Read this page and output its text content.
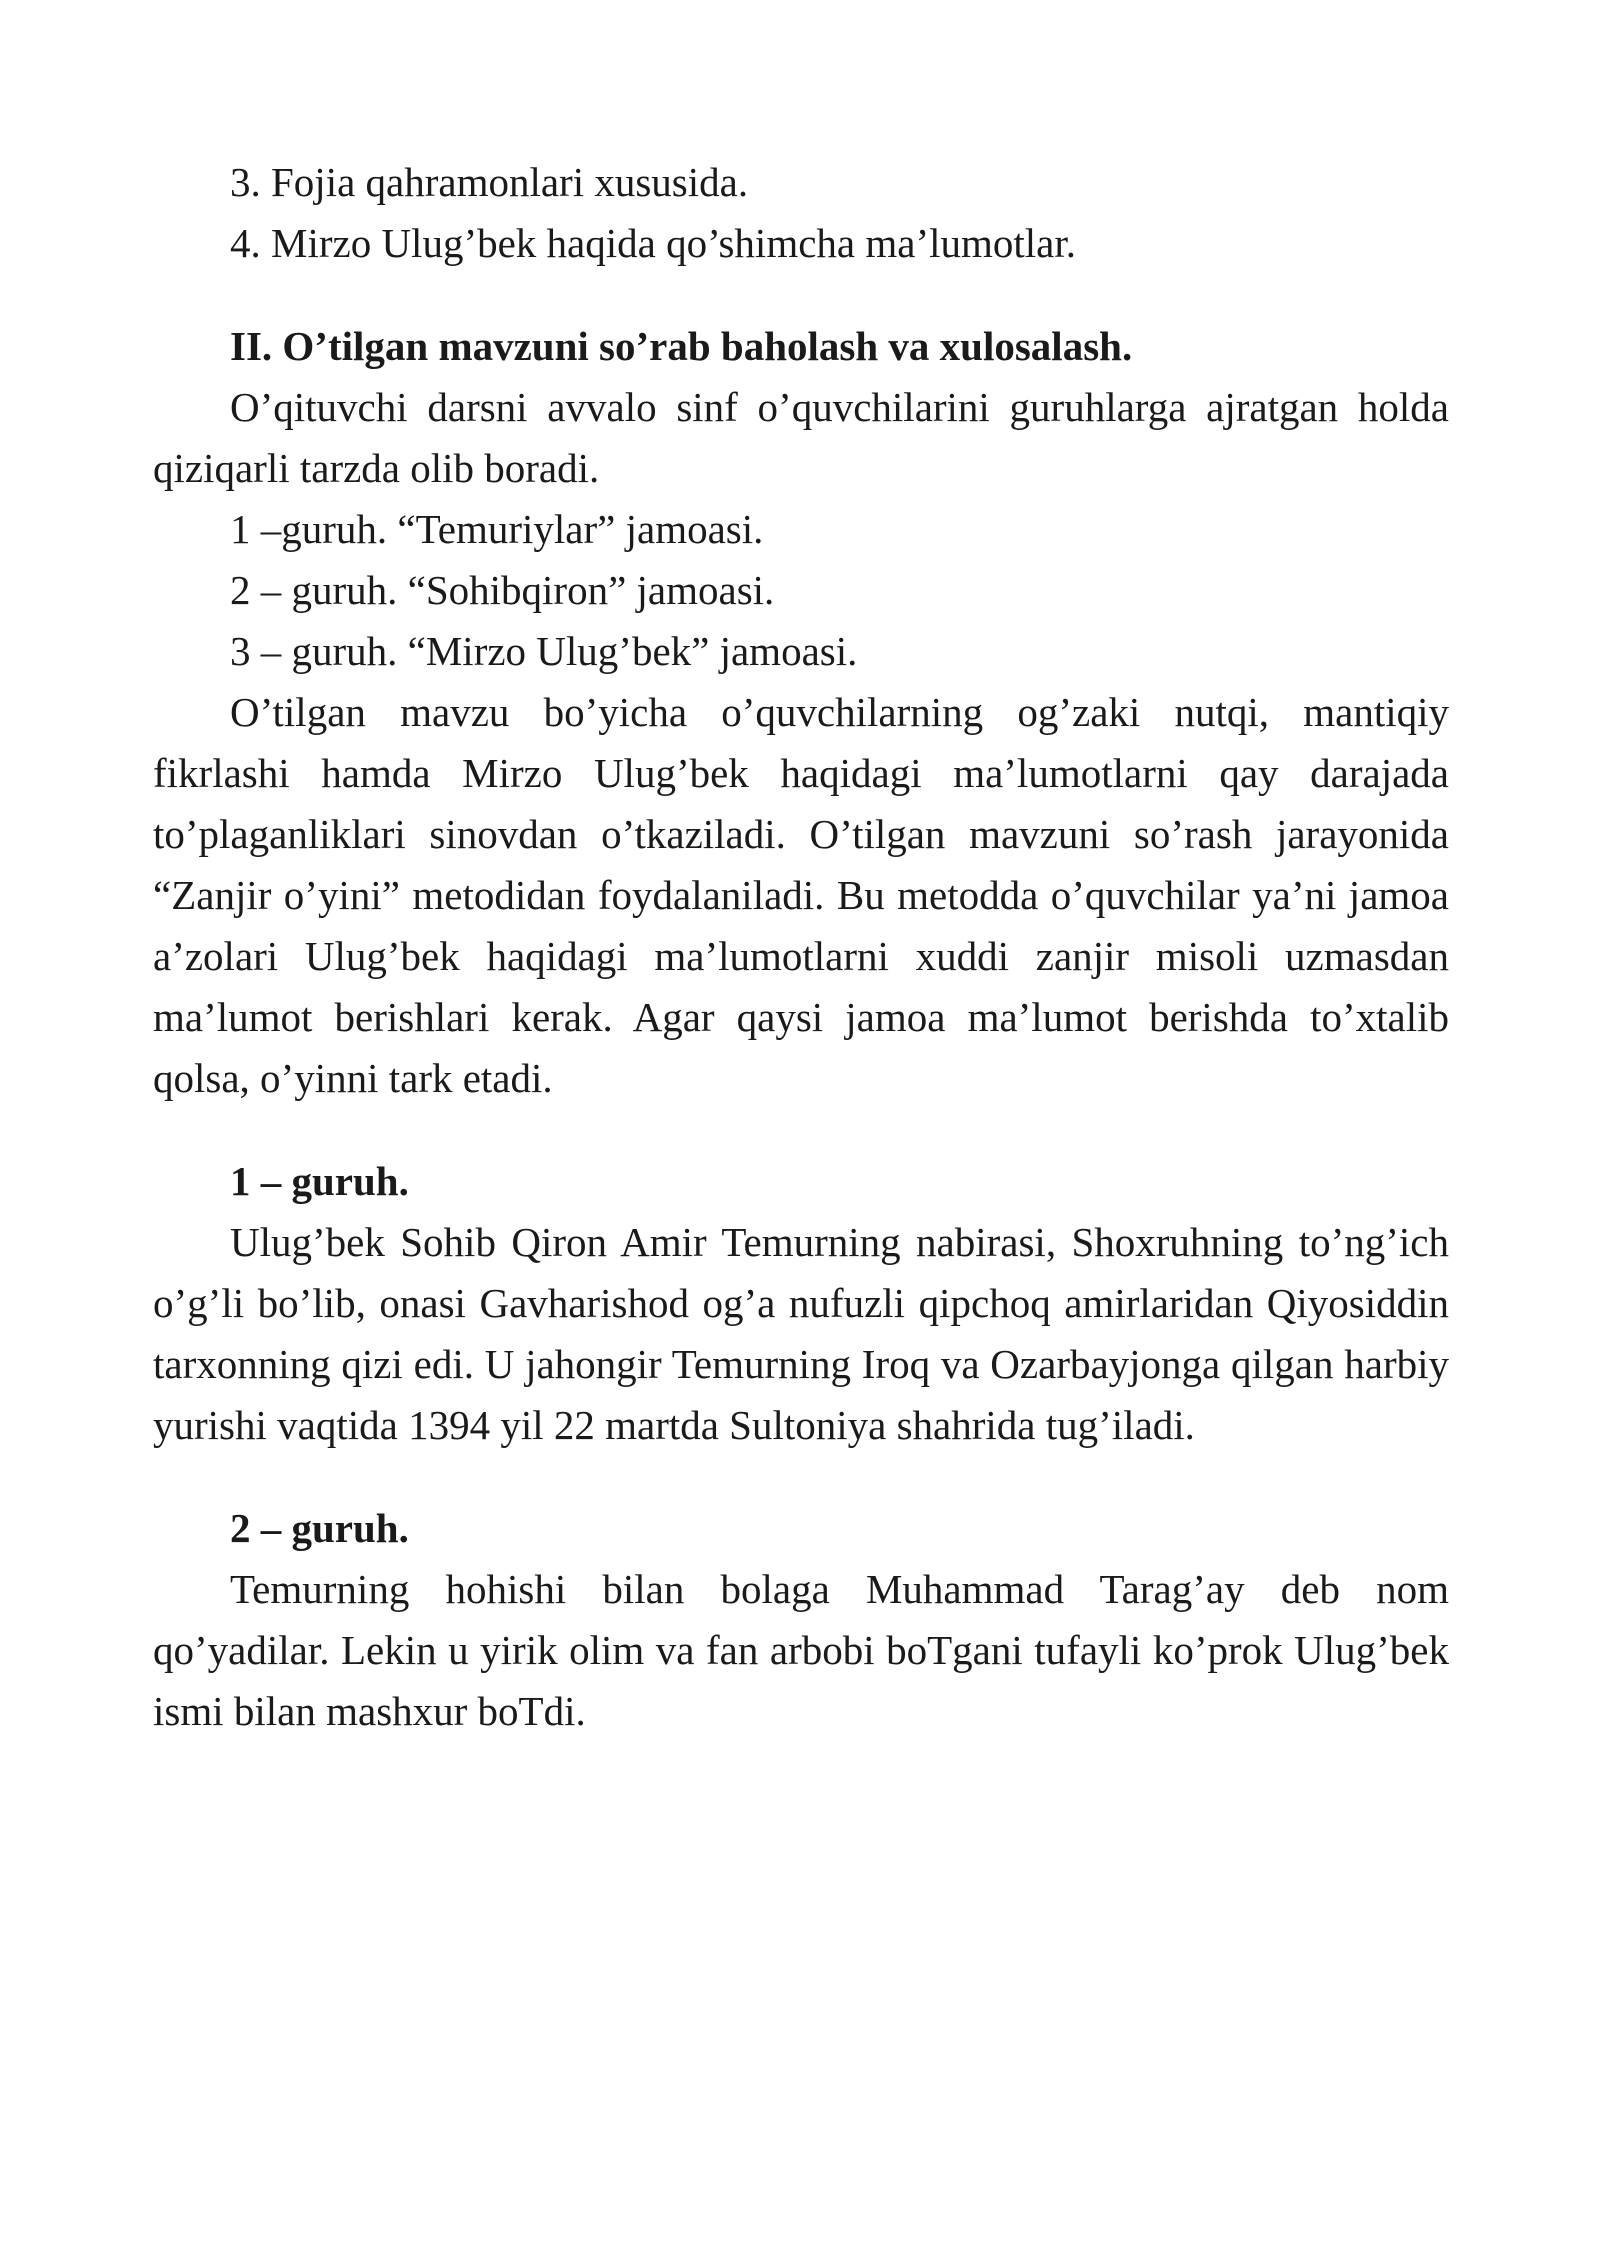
3. Fojia qahramonlari xususida.

4. Mirzo Ulug’bek haqida qo’shimcha ma’lumotlar.

II. O’tilgan mavzuni so’rab baholash va xulosalash.

O’qituvchi darsni avvalo sinf o’quvchilarini guruhlarga ajratgan holda qiziqarli tarzda olib boradi.

1 –guruh. “Temuriylar” jamoasi.

2 – guruh. “Sohibqiron” jamoasi.

3 – guruh. “Mirzo Ulug’bek” jamoasi.

O’tilgan mavzu bo’yicha o’quvchilarning og’zaki nutqi, mantiqiy fikrlashi hamda Mirzo Ulug’bek haqidagi ma’lumotlarni qay darajada to’plaganliklari sinovdan o’tkaziladi. O’tilgan mavzuni so’rash jarayonida “Zanjir o’yini” metodidan foydalaniladi. Bu metodda o’quvchilar ya’ni jamoa a’zolari Ulug’bek haqidagi ma’lumotlarni xuddi zanjir misoli uzmasdan ma’lumot berishlari kerak. Agar qaysi jamoa ma’lumot berishda to’xtalib qolsa, o’yinni tark etadi.

1 – guruh.

Ulug’bek Sohib Qiron Amir Temurning nabirasi, Shoxruhning to’ng’ich o’g’li bo’lib, onasi Gavharishod og’a nufuzli qipchoq amirlaridan Qiyosiddin tarxonning qizi edi. U jahongir Temurning Iroq va Ozarbayjonga qilgan harbiy yurishi vaqtida 1394 yil 22 martda Sultoniya shahrida tug’iladi.

2 – guruh.

Temurning hohishi bilan bolaga Muhammad Tarag’ay deb nom qo’yadilar. Lekin u yirik olim va fan arbobi boTgani tufayli ko’prok Ulug’bek ismi bilan mashxur boTdi.
